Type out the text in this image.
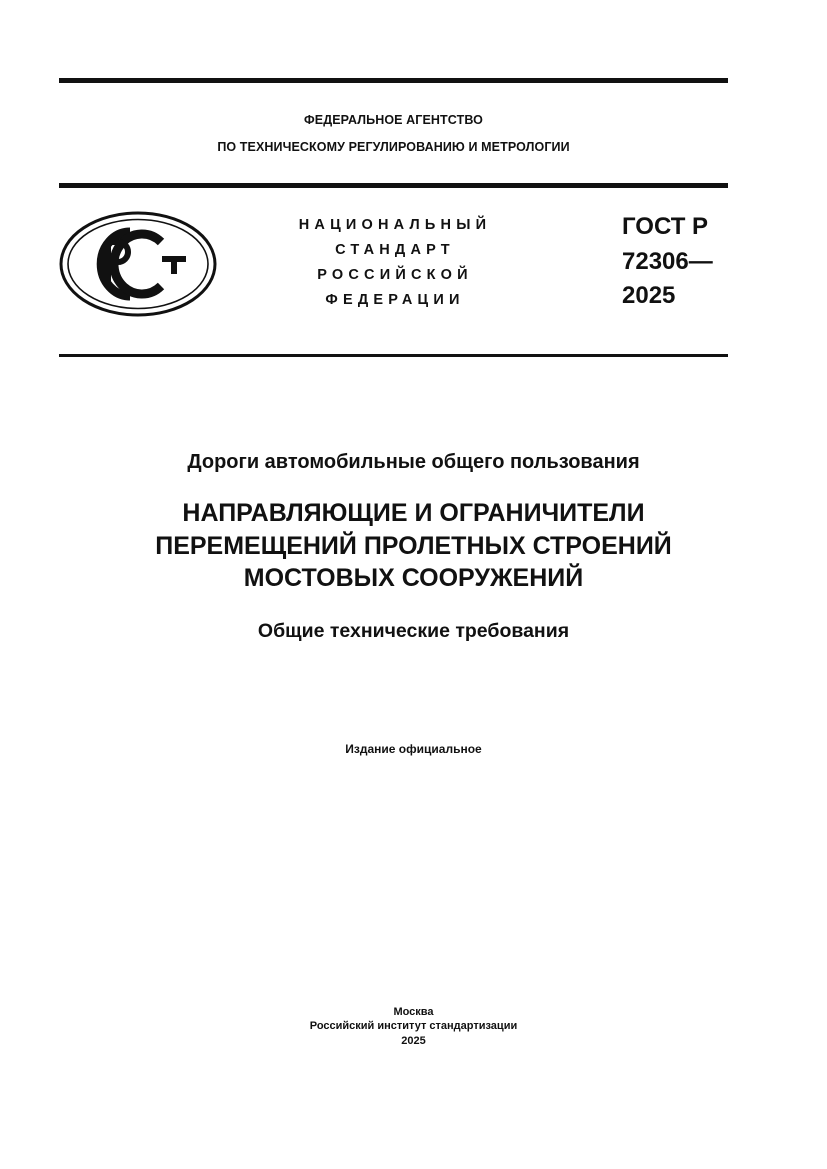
ФЕДЕРАЛЬНОЕ АГЕНТСТВО
ПО ТЕХНИЧЕСКОМУ РЕГУЛИРОВАНИЮ И МЕТРОЛОГИИ
НАЦИОНАЛЬНЫЙ
СТАНДАРТ
РОССИЙСКОЙ
ФЕДЕРАЦИИ
ГОСТ Р
72306—
2025
Дороги автомобильные общего пользования
НАПРАВЛЯЮЩИЕ И ОГРАНИЧИТЕЛИ
ПЕРЕМЕЩЕНИЙ ПРОЛЕТНЫХ СТРОЕНИЙ
МОСТОВЫХ СООРУЖЕНИЙ
Общие технические требования
Издание официальное
Москва
Российский институт стандартизации
2025
